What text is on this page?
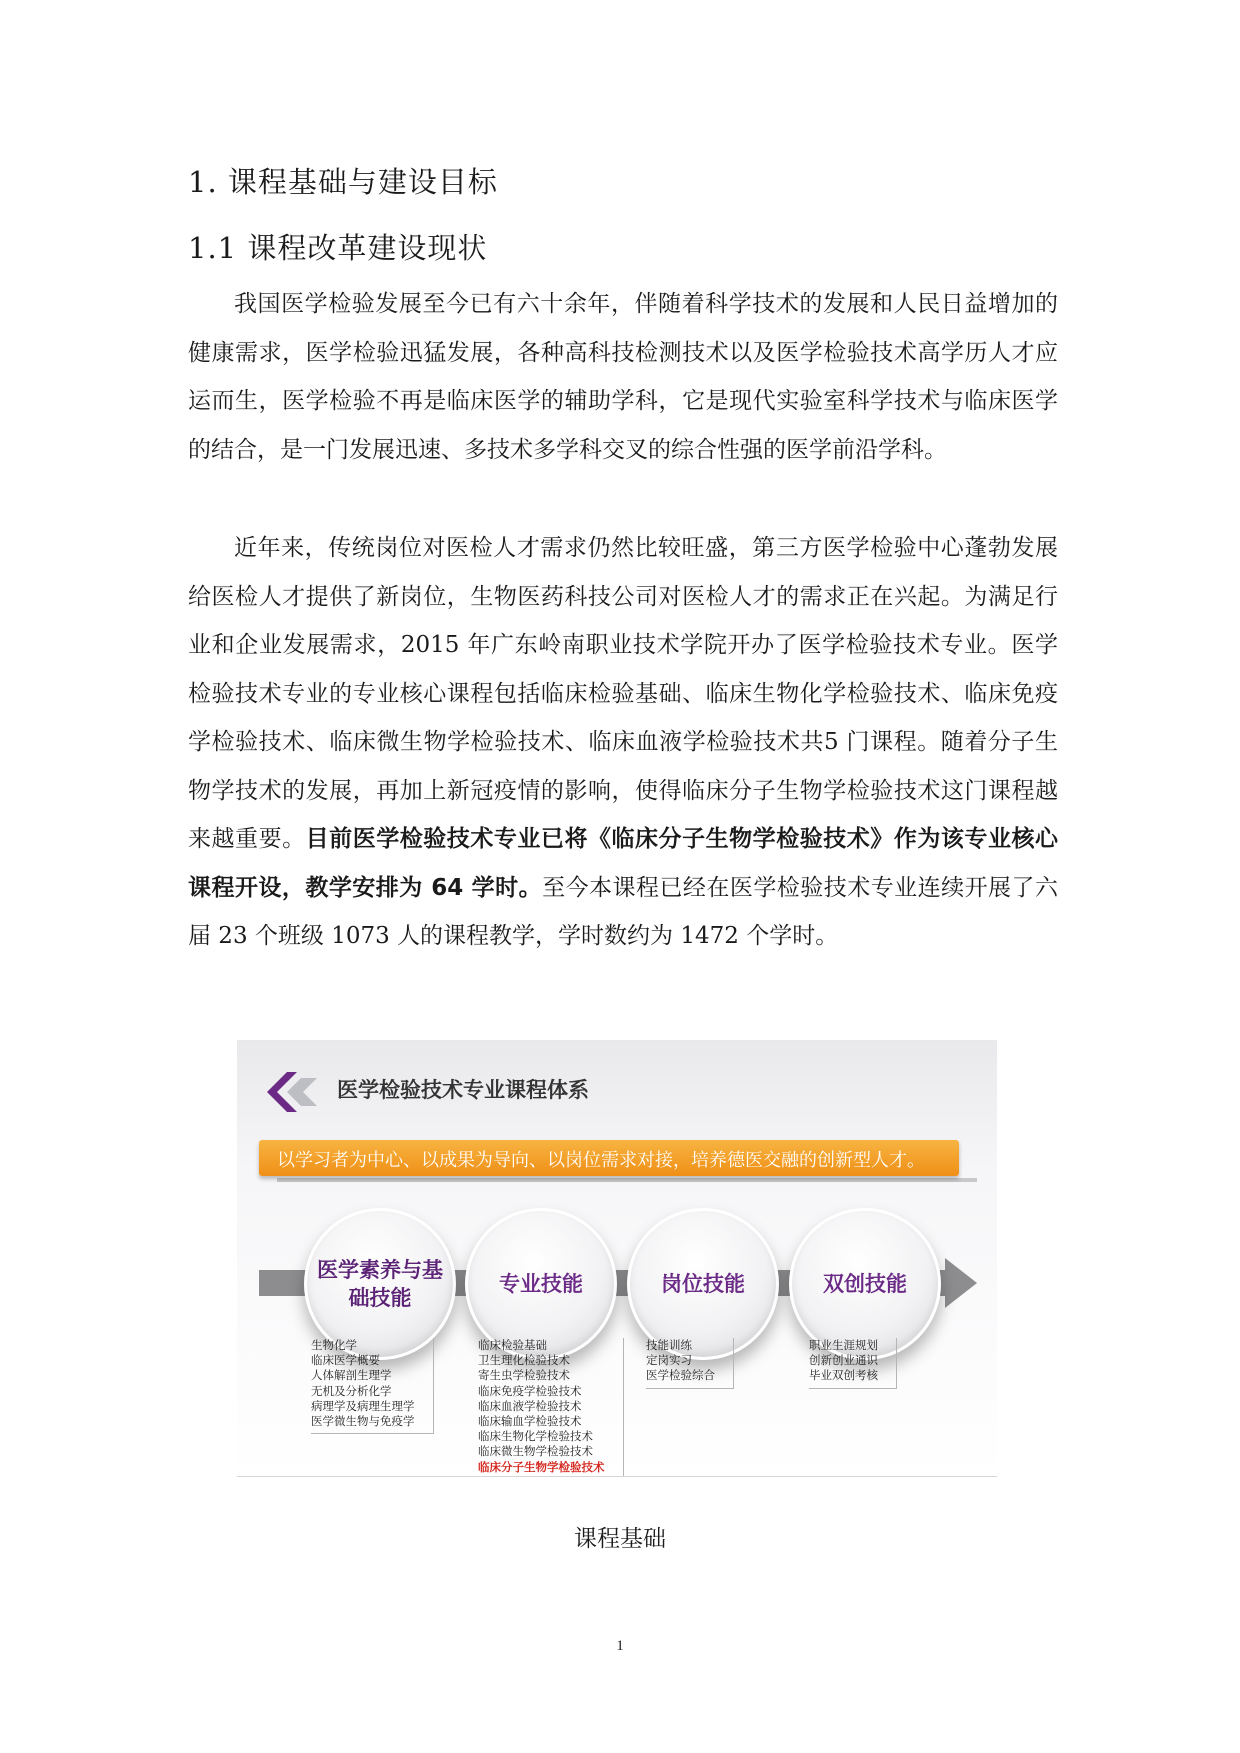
1. 课程基础与建设目标
1.1 课程改革建设现状

我国医学检验发展至今已有六十余年，伴随着科学技术的发展和人民日益增加的健康需求，医学检验迅猛发展，各种高科技检测技术以及医学检验技术高学历人才应运而生，医学检验不再是临床医学的辅助学科，它是现代实验室科学技术与临床医学的结合，是一门发展迅速、多技术多学科交叉的综合性强的医学前沿学科。

近年来，传统岗位对医检人才需求仍然比较旺盛，第三方医学检验中心蓬勃发展给医检人才提供了新岗位，生物医药科技公司对医检人才的需求正在兴起。为满足行业和企业发展需求，2015 年广东岭南职业技术学院开办了医学检验技术专业。医学检验技术专业的专业核心课程包括临床检验基础、临床生物化学检验技术、临床免疫学检验技术、临床微生物学检验技术、临床血液学检验技术共5 门课程。随着分子生物学技术的发展，再加上新冠疫情的影响，使得临床分子生物学检验技术这门课程越来越重要。目前医学检验技术专业已将《临床分子生物学检验技术》作为该专业核心课程开设，教学安排为 64 学时。至今本课程已经在医学检验技术专业连续开展了六届 23 个班级 1073 人的课程教学，学时数约为 1472 个学时。

医学检验技术专业课程体系
以学习者为中心、以成果为导向、以岗位需求对接，培养德医交融的创新型人才。
医学素养与基础技能
专业技能	岗位技能	双创技能
生物化学
临床医学概要
人体解剖生理学
无机及分析化学
病理学及病理生理学
医学微生物与免疫学
临床检验基础
卫生理化检验技术
寄生虫学检验技术
临床免疫学检验技术
临床血液学检验技术
临床输血学检验技术
临床生物化学检验技术
临床微生物学检验技术
临床分子生物学检验技术
技能训练
定岗实习
医学检验综合
职业生涯规划
创新创业通识
毕业双创考核
课程基础
1
